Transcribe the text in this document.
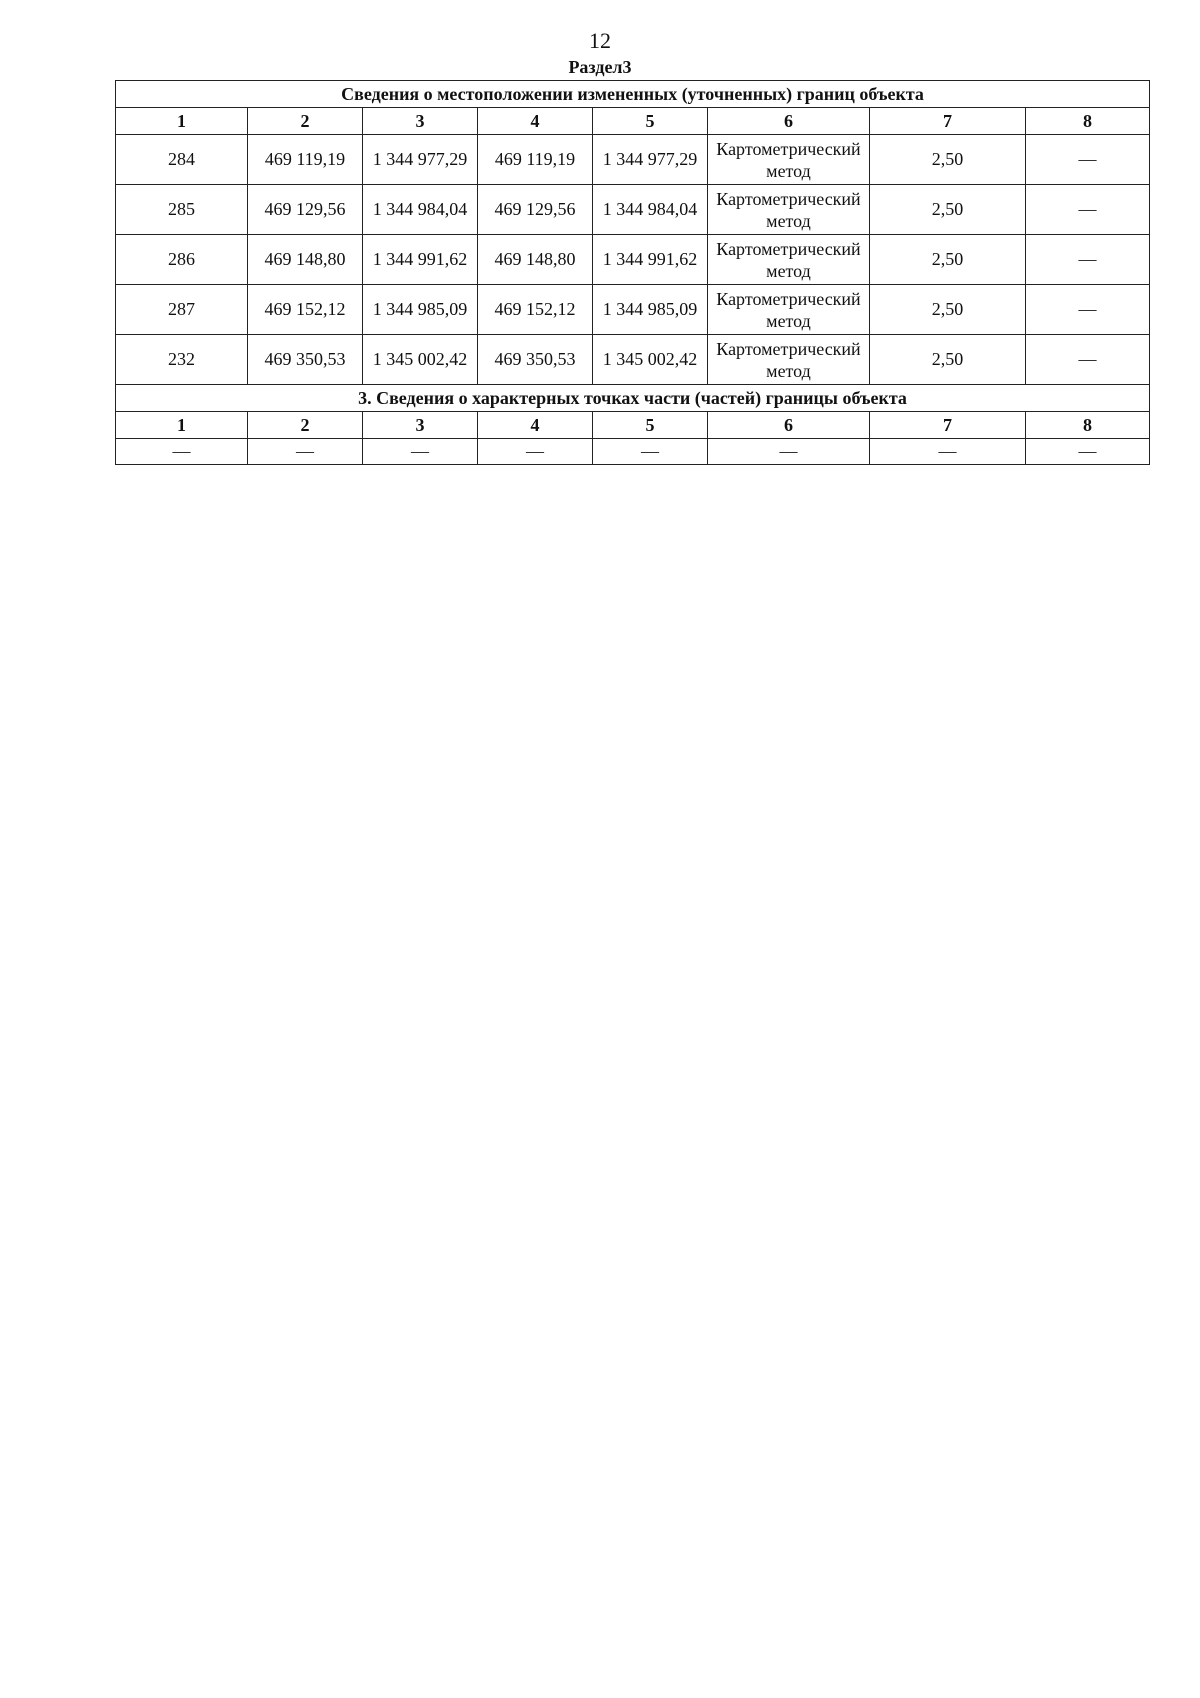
12
Раздел3
Сведения о местоположении измененных (уточненных) границ объекта							
1	2	3	4	5	6	7	8
284	469 119,19	1 344 977,29	469 119,19	1 344 977,29	Картометрический метод	2,50	—
285	469 129,56	1 344 984,04	469 129,56	1 344 984,04	Картометрический метод	2,50	—
286	469 148,80	1 344 991,62	469 148,80	1 344 991,62	Картометрический метод	2,50	—
287	469 152,12	1 344 985,09	469 152,12	1 344 985,09	Картометрический метод	2,50	—
232	469 350,53	1 345 002,42	469 350,53	1 345 002,42	Картометрический метод	2,50	—
3. Сведения о характерных точках части (частей) границы объекта							
1	2	3	4	5	6	7	8
—	—	—	—	—	—	—	—
